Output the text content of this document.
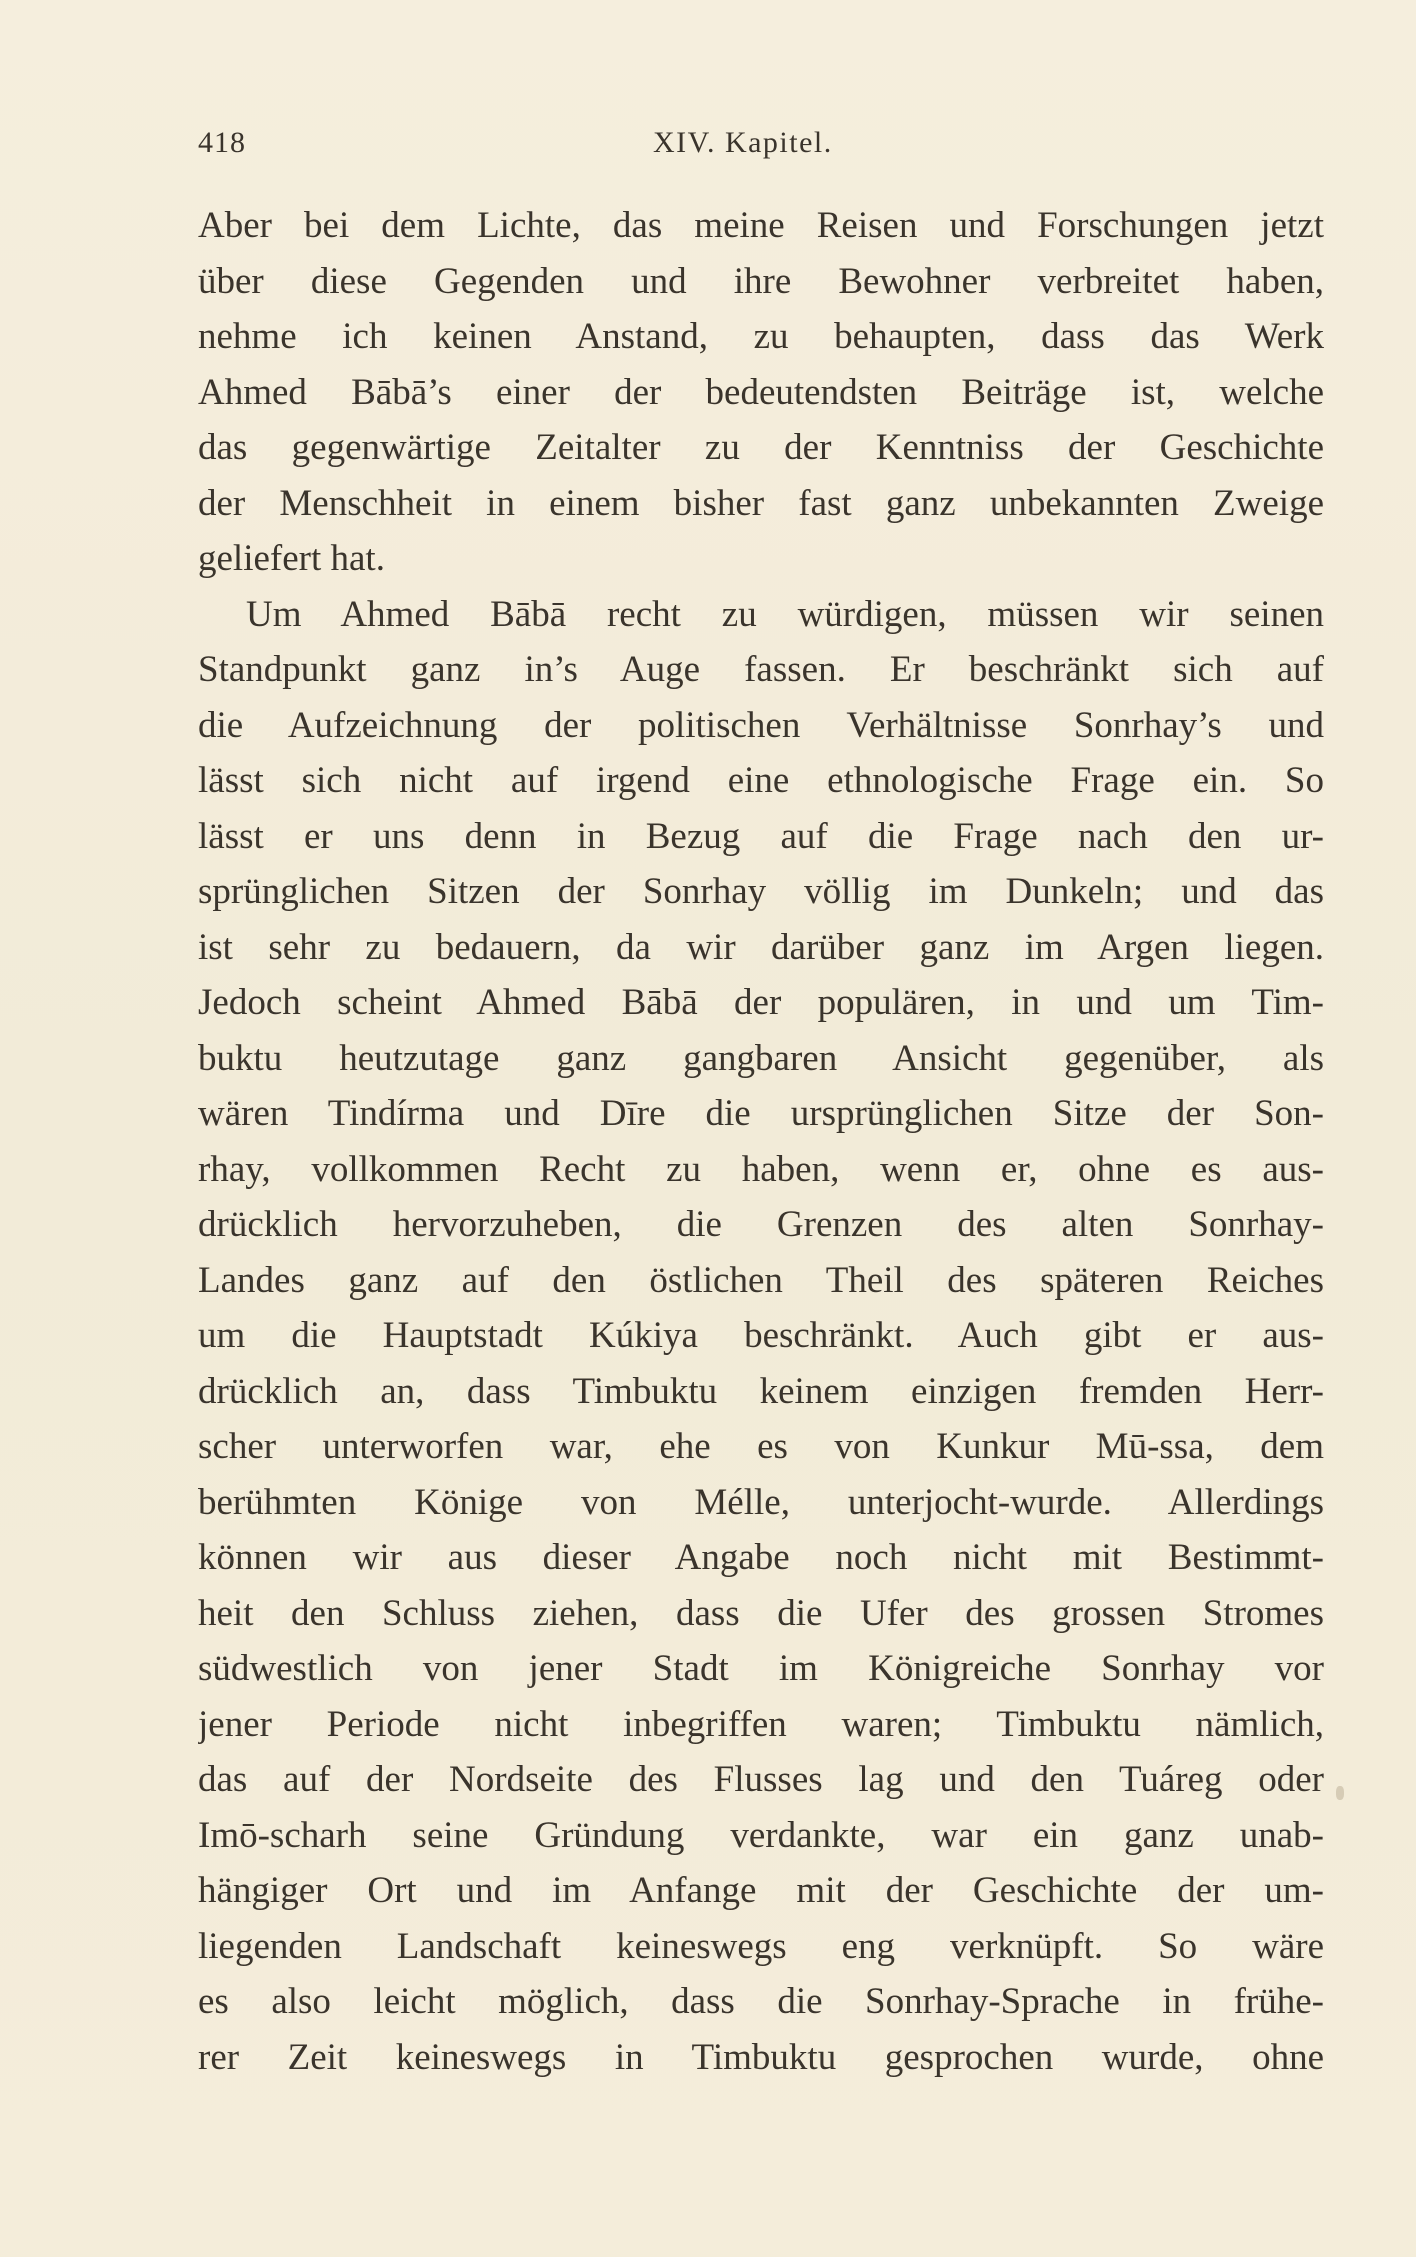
418	XIV. Kapitel.
Aber bei dem Lichte, das meine Reisen und Forschungen jetzt
über diese Gegenden und ihre Bewohner verbreitet haben,
nehme ich keinen Anstand, zu behaupten, dass das Werk
Ahmed Bābā’s einer der bedeutendsten Beiträge ist, welche
das gegenwärtige Zeitalter zu der Kenntniss der Geschichte
der Menschheit in einem bisher fast ganz unbekannten Zweige
geliefert hat.
Um Ahmed Bābā recht zu würdigen, müssen wir seinen
Standpunkt ganz in’s Auge fassen. Er beschränkt sich auf
die Aufzeichnung der politischen Verhältnisse Sonrhay’s und
lässt sich nicht auf irgend eine ethnologische Frage ein. So
lässt er uns denn in Bezug auf die Frage nach den ur-
sprünglichen Sitzen der Sonrhay völlig im Dunkeln; und das
ist sehr zu bedauern, da wir darüber ganz im Argen liegen.
Jedoch scheint Ahmed Bābā der populären, in und um Tim-
buktu heutzutage ganz gangbaren Ansicht gegenüber, als
wären Tindírma und Dīre die ursprünglichen Sitze der Son-
rhay, vollkommen Recht zu haben, wenn er, ohne es aus-
drücklich hervorzuheben, die Grenzen des alten Sonrhay-
Landes ganz auf den östlichen Theil des späteren Reiches
um die Hauptstadt Kúkiya beschränkt. Auch gibt er aus-
drücklich an, dass Timbuktu keinem einzigen fremden Herr-
scher unterworfen war, ehe es von Kunkur Mū-ssa, dem
berühmten Könige von Mélle, unterjocht-wurde. Allerdings
können wir aus dieser Angabe noch nicht mit Bestimmt-
heit den Schluss ziehen, dass die Ufer des grossen Stromes
südwestlich von jener Stadt im Königreiche Sonrhay vor
jener Periode nicht inbegriffen waren; Timbuktu nämlich,
das auf der Nordseite des Flusses lag und den Tuáreg oder
Imō-scharh seine Gründung verdankte, war ein ganz unab-
hängiger Ort und im Anfange mit der Geschichte der um-
liegenden Landschaft keineswegs eng verknüpft. So wäre
es also leicht möglich, dass die Sonrhay-Sprache in frühe-
rer Zeit keineswegs in Timbuktu gesprochen wurde, ohne
